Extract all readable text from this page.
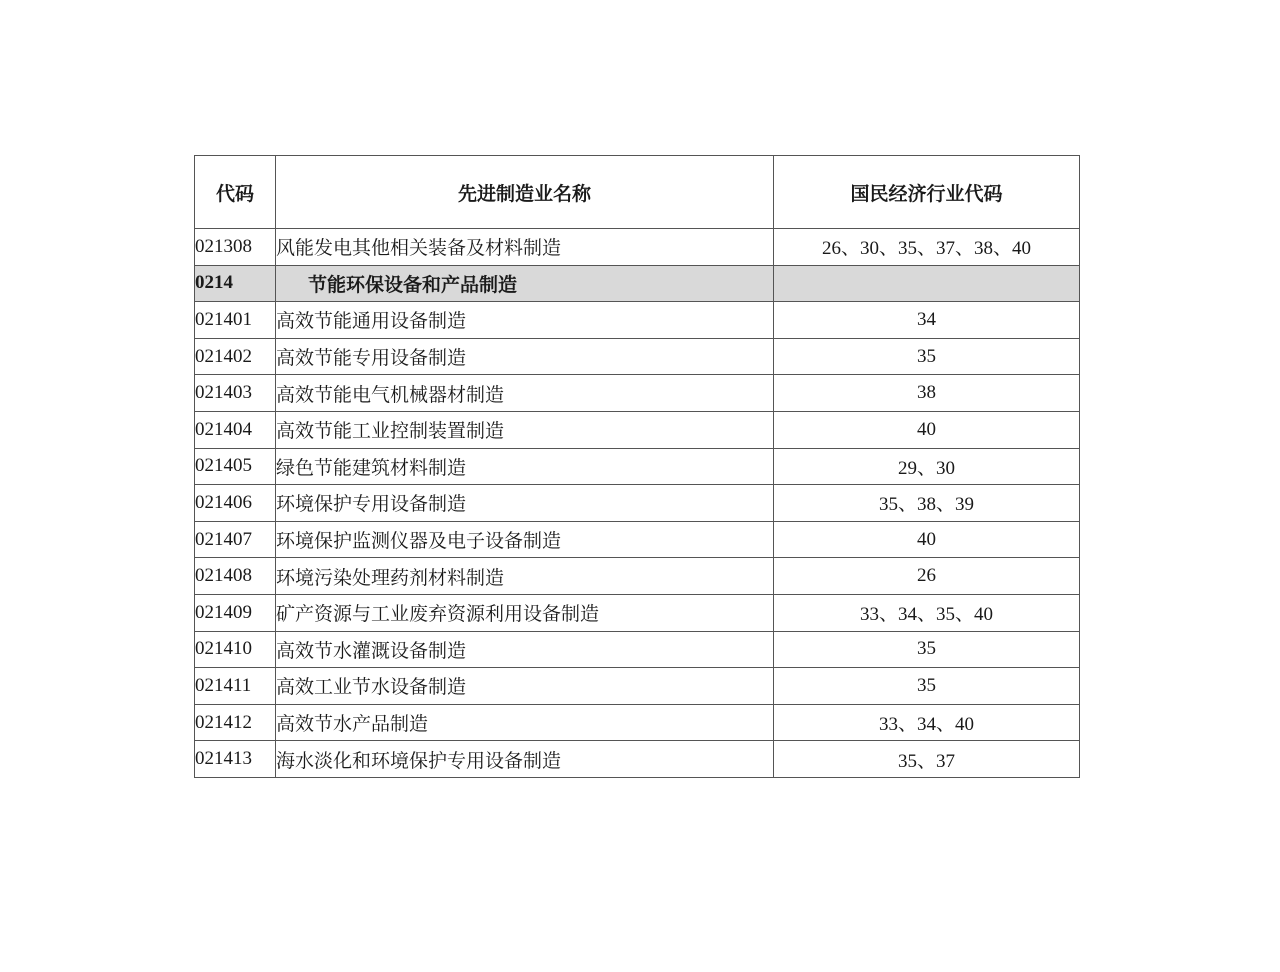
代码	先进制造业名称	国民经济行业代码
021308	风能发电其他相关装备及材料制造	26、30、35、37、38、40
0214	节能环保设备和产品制造	
021401	高效节能通用设备制造	34
021402	高效节能专用设备制造	35
021403	高效节能电气机械器材制造	38
021404	高效节能工业控制装置制造	40
021405	绿色节能建筑材料制造	29、30
021406	环境保护专用设备制造	35、38、39
021407	环境保护监测仪器及电子设备制造	40
021408	环境污染处理药剂材料制造	26
021409	矿产资源与工业废弃资源利用设备制造	33、34、35、40
021410	高效节水灌溉设备制造	35
021411	高效工业节水设备制造	35
021412	高效节水产品制造	33、34、40
021413	海水淡化和环境保护专用设备制造	35、37
